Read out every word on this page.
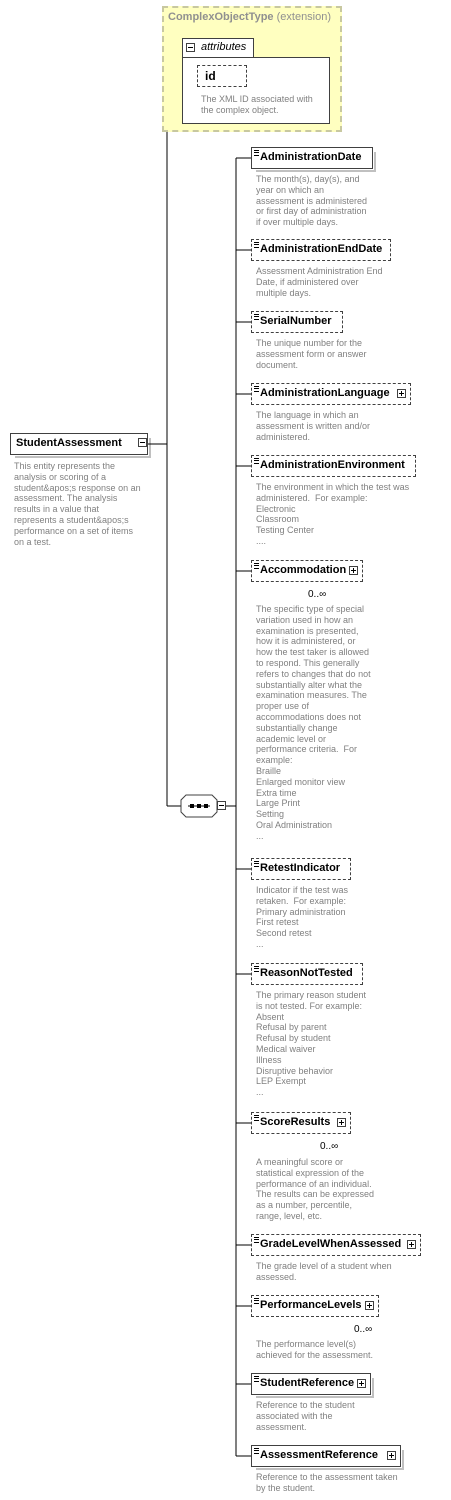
ComplexObjectType (extension)
attributes
id
The XML ID associated with
the complex object.
StudentAssessment
This entity represents the
analysis or scoring of a
student&apos;s response on an
assessment. The analysis
results in a value that
represents a student&apos;s
performance on a set of items
on a test.
AdministrationDate
The month(s), day(s), and
year on which an
assessment is administered
or first day of administration
if over multiple days.
AdministrationEndDate
Assessment Administration End
Date, if administered over
multiple days.
SerialNumber
The unique number for the
assessment form or answer
document.
AdministrationLanguage
The language in which an
assessment is written and/or
administered.
AdministrationEnvironment
The environment in which the test was
administered.  For example:
Electronic
Classroom
Testing Center
....
Accommodation
0..∞
The specific type of special
variation used in how an
examination is presented,
how it is administered, or
how the test taker is allowed
to respond. This generally
refers to changes that do not
substantially alter what the
examination measures. The
proper use of
accommodations does not
substantially change
academic level or
performance criteria.  For
example:
Braille
Enlarged monitor view
Extra time
Large Print
Setting
Oral Administration
...
RetestIndicator
Indicator if the test was
retaken.  For example:
Primary administration
First retest
Second retest
...
ReasonNotTested
The primary reason student
is not tested. For example:
Absent
Refusal by parent
Refusal by student
Medical waiver
Illness
Disruptive behavior
LEP Exempt
...
ScoreResults
0..∞
A meaningful score or
statistical expression of the
performance of an individual.
The results can be expressed
as a number, percentile,
range, level, etc.
GradeLevelWhenAssessed
The grade level of a student when
assessed.
PerformanceLevels
0..∞
The performance level(s)
achieved for the assessment.
StudentReference
Reference to the student
associated with the
assessment.
AssessmentReference
Reference to the assessment taken
by the student.
